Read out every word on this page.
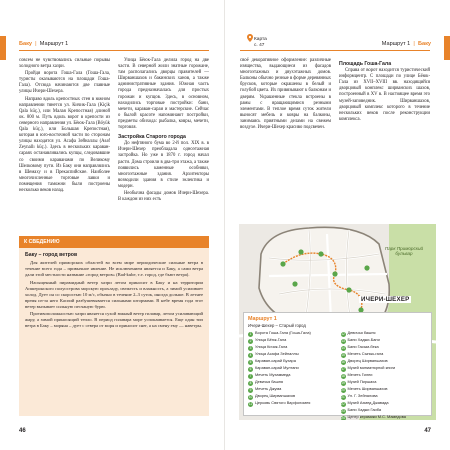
Баку  |  Маршрут 1

совсем не чувствовались сильные порывы холодного ветра хазри.

Пройдя ворота Гоша-Гала (Гоша-Гала, туристы оказываются на площади Гоша-Гала). Отсюда начинаются две главные улицы Ичери-Шехера.

Направо вдоль крепостных стен в южном направлении тянется ул. Кичик-Гала (Kiçik Qala küç.), или Малая Крепостная) длиной ок. 800 м. Путь вдоль ворот в крепости из северного направления ул. Бёюк-Гала (Böyük Qala küç.), или Большая Крепостная), которая в юго-восточной части по сторонам улицы находятся ул. Асафа Зейналлы (Asəf Zeynallı küç.). Здесь в нескольких караван-сараях останавливались купцы, следовавшие со своими караванами по Великому Шелковому пути. Из Баку они направлялись в Шемаху и в Прекаспийские. Наиболее многочисленные торговые лавки и помещения таможни были построены несколько веков назад.

Улица Бёюк-Гала делила город на две части. В северной жили знатные горожане, там располагались дворцы правителей — Ширваншахов и бакинских ханов, а также административные здания. Южная часть города предназначалась для простых горожан и купцов. Здесь, в основном, находились торговые постройки: бани, мечети, караван-сараи и мастерские. Сейчас о былой красоте напоминают постройки, предметы обихода: рыбалка, ковры, мечети, торговля.

Застройка Старого города

До нефтяного бума во 2-й пол. XIX в. в Ичери-Шехер преобладала одноэтажная застройка. Но уже в 1870 г. город начал расти. Дома строили в два-три этажа, а также появились каменные особняки, многоэтажные здания. Архитекторы возводили здания в стиле эклектика и модерн.

Необычна фасады домов Ичери-Шехера. В каждом из них есть

К СВЕДЕНИЮ
Баку – город ветров

Для жителей приморских областей во всем мире периодические сильные ветра в течение всего года – привычное явление. Не исключением является и Баку, а сами ветра дали этой местности название «город ветров» (Bad-kube, т.е. город, где бьют ветра).

Насыщенный пирамидный ветер хазри летом приносит в Баку и на территории Апшеронского полуострова морскую прохладу, свежесть и влажность, а зимой усиливает холод. Дует он со скоростью 10 м/с, обычно в течение 2–3 суток, иногда дольше. В летнее время из-за него Каспий разбушевывается сильными штормами. В небе время года этот ветер вызывает сильную песчаную бурю.

Противоположностью хазри является сухой южный ветер гилавар, летом усиливающий жару, а зимой приносящий тепло. В период гилавара море успокаивается. Еще один тип ветра в Баку – моряна – дует с севера от моря и приносит снег, а на смену ему — наветры.

46
Карта
с. 47	Маршрут 1  |  Баку

своё декоративное оформление: различные изящества, выдающиеся из фасадов многоэтажных и двухэтажных домов. Балконы обычно резные в форме деревянных брусков, которые окрашены в белый и голубой цвета. Их привязывают к балконам и дверям. Украшенные стекла встроены в рамы с вращающимися резными элементами. В теплое время суток жители выносят мебель и ковры на балконы, занимаясь приятными делами на свежем воздухе. Ичери-Шехер красиво подсвечен.

Площадь Гоша-Гала

Справа от ворот находится туристический информцентр. С площади по улице Бёюк-Гала из XVII–XVIII вв. находящийся дворцовый комплекс ширванских шахов, построенный в XV в. В настоящее время это музей-заповедник. Ширваншахов, дворцовый комплекс которого в течение нескольких веков после реконструкции комплекса.

Парк Приморский бульвар
ИЧЕРИ-ШЕХЕР
Маршрут 1
Ичери-Шехер – Старый город
1 Ворота Гоша-Гала (Гоша-Гала)
2 Улица Бёюк-Гала
3 Улица Кичик-Гала
4 Улица Асафа Зейналлы
5 Караван-сарай Бухара
6 Караван-сарай Мултани
7 Мечеть Мухаммеда
8 Девичья башня
9 Мечеть Джума
10 Дворец Ширваншахов
11 Церковь Святого Варфоломея
12 Девичья башня
13 Бани Хаджи-Бани
14 Бани Гасым-бека
15 Мечеть Сынык-гала
16 Дворец Ширваншахов
17 Музей миниатюрной книги
18 Мечеть Гилеи
19 Музей Пиршаха
20 Мечеть Ширваншахов
21 Ул. Г. Зейналова
22 Музей Ахмед Джавада
23 Бани Хаджи Гаиба
24 Центр керамики М.С. Мамедова
47
